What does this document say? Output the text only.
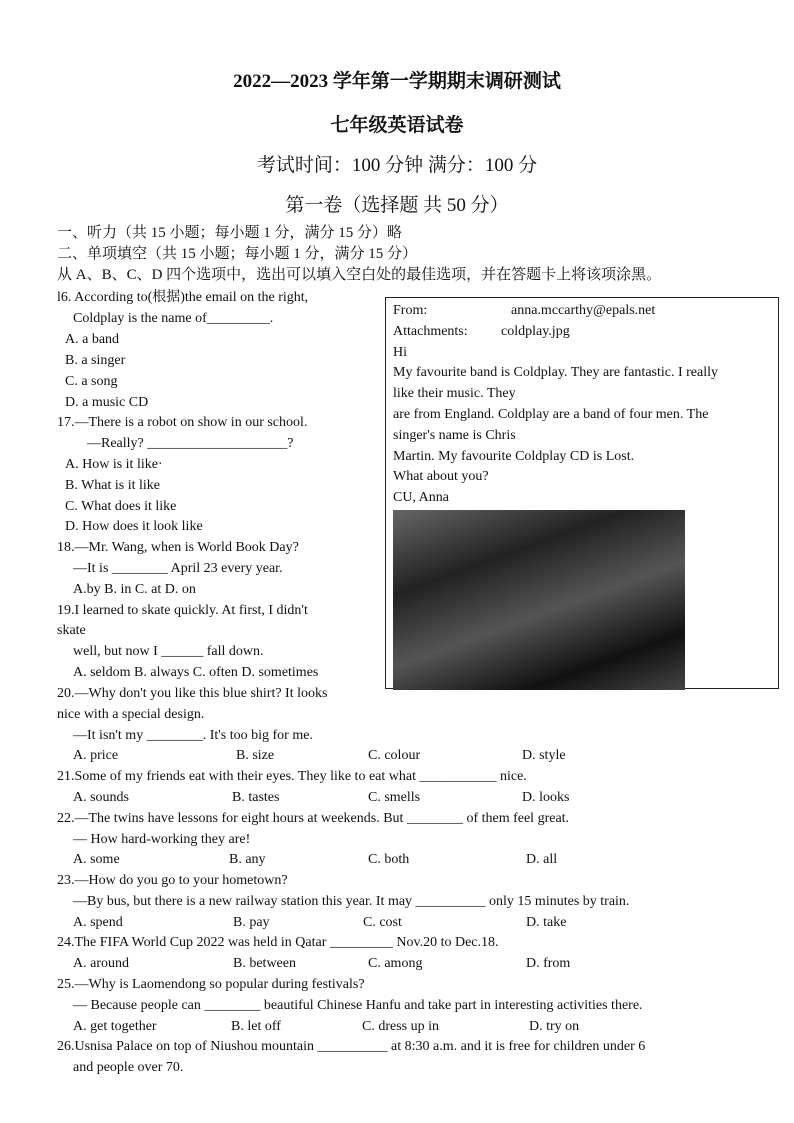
2022—2023 学年第一学期期末调研测试
七年级英语试卷
考试时间：100 分钟 满分：100 分
第一卷（选择题 共 50 分）
一、听力（共 15 小题；每小题 1 分，满分 15 分）略
二、单项填空（共 15 小题；每小题 1 分，满分 15 分）
从 A、B、C、D 四个选项中，选出可以填入空白处的最佳选项，并在答题卡上将该项涂黑。
From:	anna.mccarthy@epals.net
Attachments: coldplay.jpg
Hi
My favourite band is Coldplay. They are fantastic. I really
like their music. They
are from England. Coldplay are a band of four men. The
singer's name is Chris
Martin. My favourite Coldplay CD is Lost.
What about you?
CU, Anna
l6. According to(根据)the email on the right,
Coldplay is the name of_________.
A. a band
B. a singer
C. a song
D. a music CD
17.—There is a robot on show in our school.
—Really? ____________________?
A. How is it like·
B. What is it like
C. What does it like
D. How does it look like
18.—Mr. Wang, when is World Book Day?
—It is ________ April 23 every year.
A.by B. in C. at D. on
19.I learned to skate quickly. At first, I didn't
skate
well, but now I ______ fall down.
A. seldom B. always C. often D. sometimes
20.—Why don't you like this blue shirt? It looks
nice with a special design.
—It isn't my ________. It's too big for me.
A. price	B. size	C. colour	D. style
21.Some of my friends eat with their eyes. They like to eat what ___________ nice.
A. sounds	B. tastes	C. smells	D. looks
22.—The twins have lessons for eight hours at weekends. But ________ of them feel great.
— How hard-working they are!
A. some	B. any	C. both	D. all
23.—How do you go to your hometown?
—By bus, but there is a new railway station this year. It may __________ only 15 minutes by train.
A. spend	B. pay	C. cost	D. take
24.The FIFA World Cup 2022 was held in Qatar _________ Nov.20 to Dec.18.
A. around	B. between	C. among	D. from
25.—Why is Laomendong so popular during festivals?
— Because people can ________ beautiful Chinese Hanfu and take part in interesting activities there.
A. get together	B. let off	C. dress up in	D. try on
26.Usnisa Palace on top of Niushou mountain __________ at 8:30 a.m. and it is free for children under 6
and people over 70.
